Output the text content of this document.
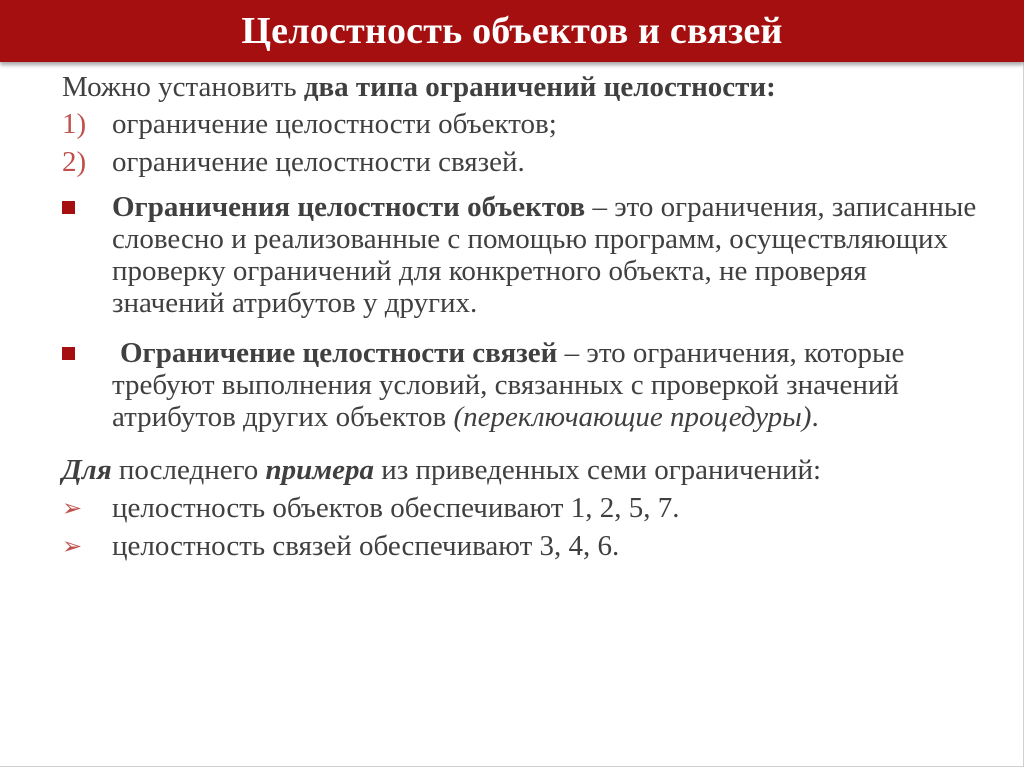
Целостность объектов и связей

Можно установить два типа ограничений целостности:

1) ограничение целостности объектов;

2) ограничение целостности связей.

Ограничения целостности объектов – это ограничения, записанные словесно и реализованные с помощью программ, осуществляющих проверку ограничений для конкретного объекта, не проверяя значений атрибутов у других.

Ограничение целостности связей – это ограничения, которые требуют выполнения условий, связанных с проверкой значений атрибутов других объектов (переключающие процедуры).

Для последнего примера из приведенных семи ограничений:

➢ целостность объектов обеспечивают 1, 2, 5, 7.

➢ целостность связей обеспечивают 3, 4, 6.
